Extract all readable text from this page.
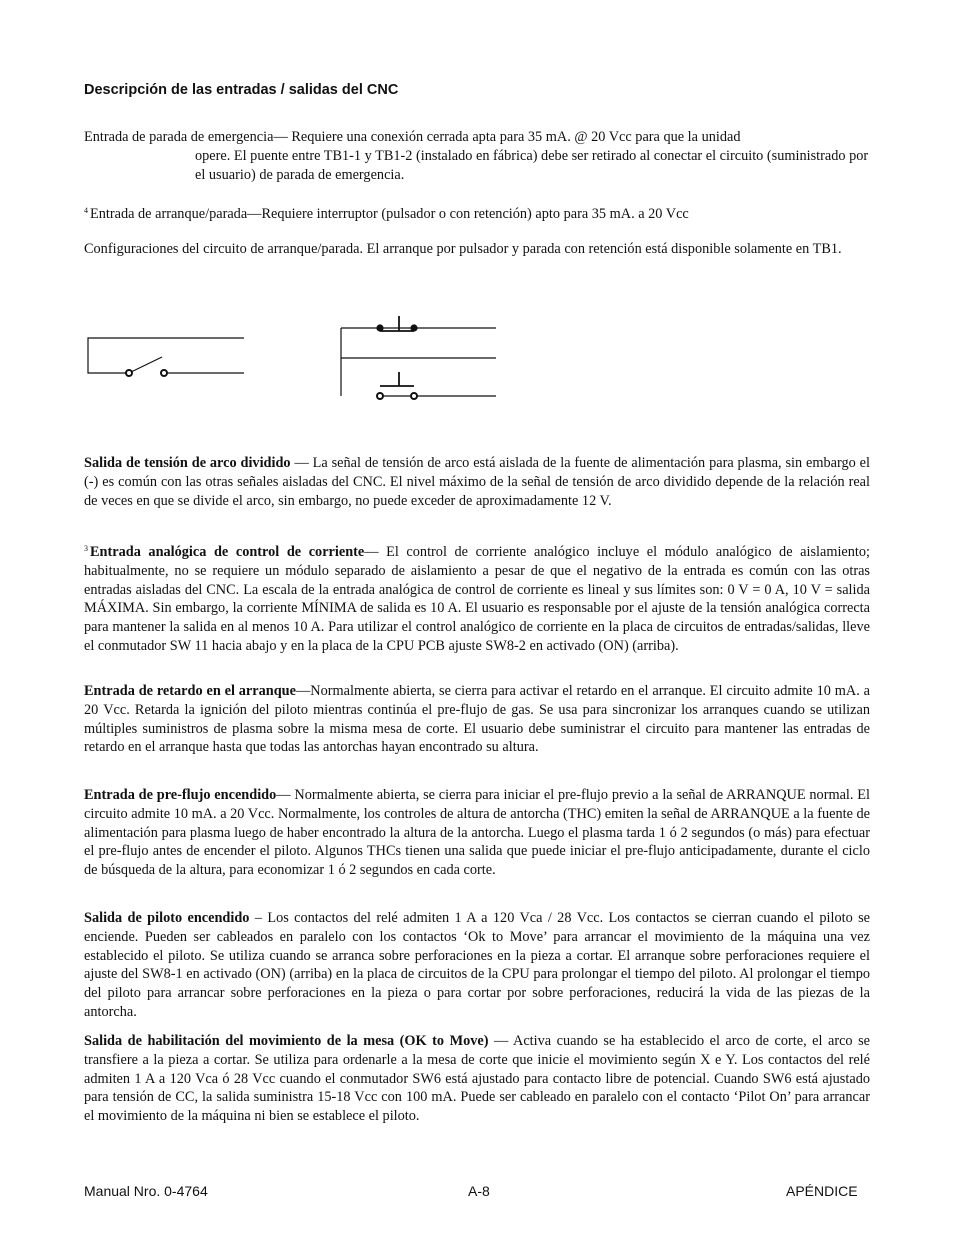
Descripción de las entradas / salidas del CNC

Entrada de parada de emergencia— Requiere una conexión cerrada apta para 35 mA. @ 20 Vcc para que la unidad
opere. El puente entre TB1-1 y TB1-2 (instalado en fábrica) debe ser retirado al conectar el circuito (suministrado por el usuario) de parada de emergencia.

$^4$ Entrada de arranque/parada—Requiere interruptor (pulsador o con retención) apto para 35 mA. a 20 Vcc

Configuraciones del circuito de arranque/parada. El arranque por pulsador y parada con retención está disponible solamente en TB1.

Salida de tensión de arco dividido — La señal de tensión de arco está aislada de la fuente de alimentación para plasma, sin embargo el (-) es común con las otras señales aisladas del CNC. El nivel máximo de la señal de tensión de arco dividido depende de la relación real de veces en que se divide el arco, sin embargo, no puede exceder de aproximadamente 12 V.

$^3$ Entrada analógica de control de corriente— El control de corriente analógico incluye el módulo analógico de aislamiento; habitualmente, no se requiere un módulo separado de aislamiento a pesar de que el negativo de la entrada es común con las otras entradas aisladas del CNC. La escala de la entrada analógica de control de corriente es lineal y sus límites son: 0 V = 0 A, 10 V = salida MÁXIMA. Sin embargo, la corriente MÍNIMA de salida es 10 A. El usuario es responsable por el ajuste de la tensión analógica correcta para mantener la salida en al menos 10 A. Para utilizar el control analógico de corriente en la placa de circuitos de entradas/salidas, lleve el conmutador SW 11 hacia abajo y en la placa de la CPU PCB ajuste SW8-2 en activado (ON) (arriba).

Entrada de retardo en el arranque—Normalmente abierta, se cierra para activar el retardo en el arranque. El circuito admite 10 mA. a 20 Vcc. Retarda la ignición del piloto mientras continúa el pre-flujo de gas. Se usa para sincronizar los arranques cuando se utilizan múltiples suministros de plasma sobre la misma mesa de corte. El usuario debe suministrar el circuito para mantener las entradas de retardo en el arranque hasta que todas las antorchas hayan encontrado su altura.

Entrada de pre-flujo encendido— Normalmente abierta, se cierra para iniciar el pre-flujo previo a la señal de ARRANQUE normal. El circuito admite 10 mA. a 20 Vcc. Normalmente, los controles de altura de antorcha (THC) emiten la señal de ARRANQUE a la fuente de alimentación para plasma luego de haber encontrado la altura de la antorcha. Luego el plasma tarda 1 ó 2 segundos (o más) para efectuar el pre-flujo antes de encender el piloto. Algunos THCs tienen una salida que puede iniciar el pre-flujo anticipadamente, durante el ciclo de búsqueda de la altura, para economizar 1 ó 2 segundos en cada corte.

Salida de piloto encendido – Los contactos del relé admiten 1 A a 120 Vca / 28 Vcc. Los contactos se cierran cuando el piloto se enciende. Pueden ser cableados en paralelo con los contactos ‘Ok to Move’ para arrancar el movimiento de la máquina una vez establecido el piloto. Se utiliza cuando se arranca sobre perforaciones en la pieza a cortar. El arranque sobre perforaciones requiere el ajuste del SW8-1 en activado (ON) (arriba) en la placa de circuitos de la CPU para prolongar el tiempo del piloto. Al prolongar el tiempo del piloto para arrancar sobre perforaciones en la pieza o para cortar por sobre perforaciones, reducirá la vida de las piezas de la antorcha.

Salida de habilitación del movimiento de la mesa (OK to Move) — Activa cuando se ha establecido el arco de corte, el arco se transfiere a la pieza a cortar. Se utiliza para ordenarle a la mesa de corte que inicie el movimiento según X e Y. Los contactos del relé admiten 1 A a 120 Vca ó 28 Vcc cuando el conmutador SW6 está ajustado para contacto libre de potencial. Cuando SW6 está ajustado para tensión de CC, la salida suministra 15-18 Vcc con 100 mA. Puede ser cableado en paralelo con el contacto ‘Pilot On’ para arrancar el movimiento de la máquina ni bien se establece el piloto.

Manual Nro. 0-4764	A-8	APÉNDICE
